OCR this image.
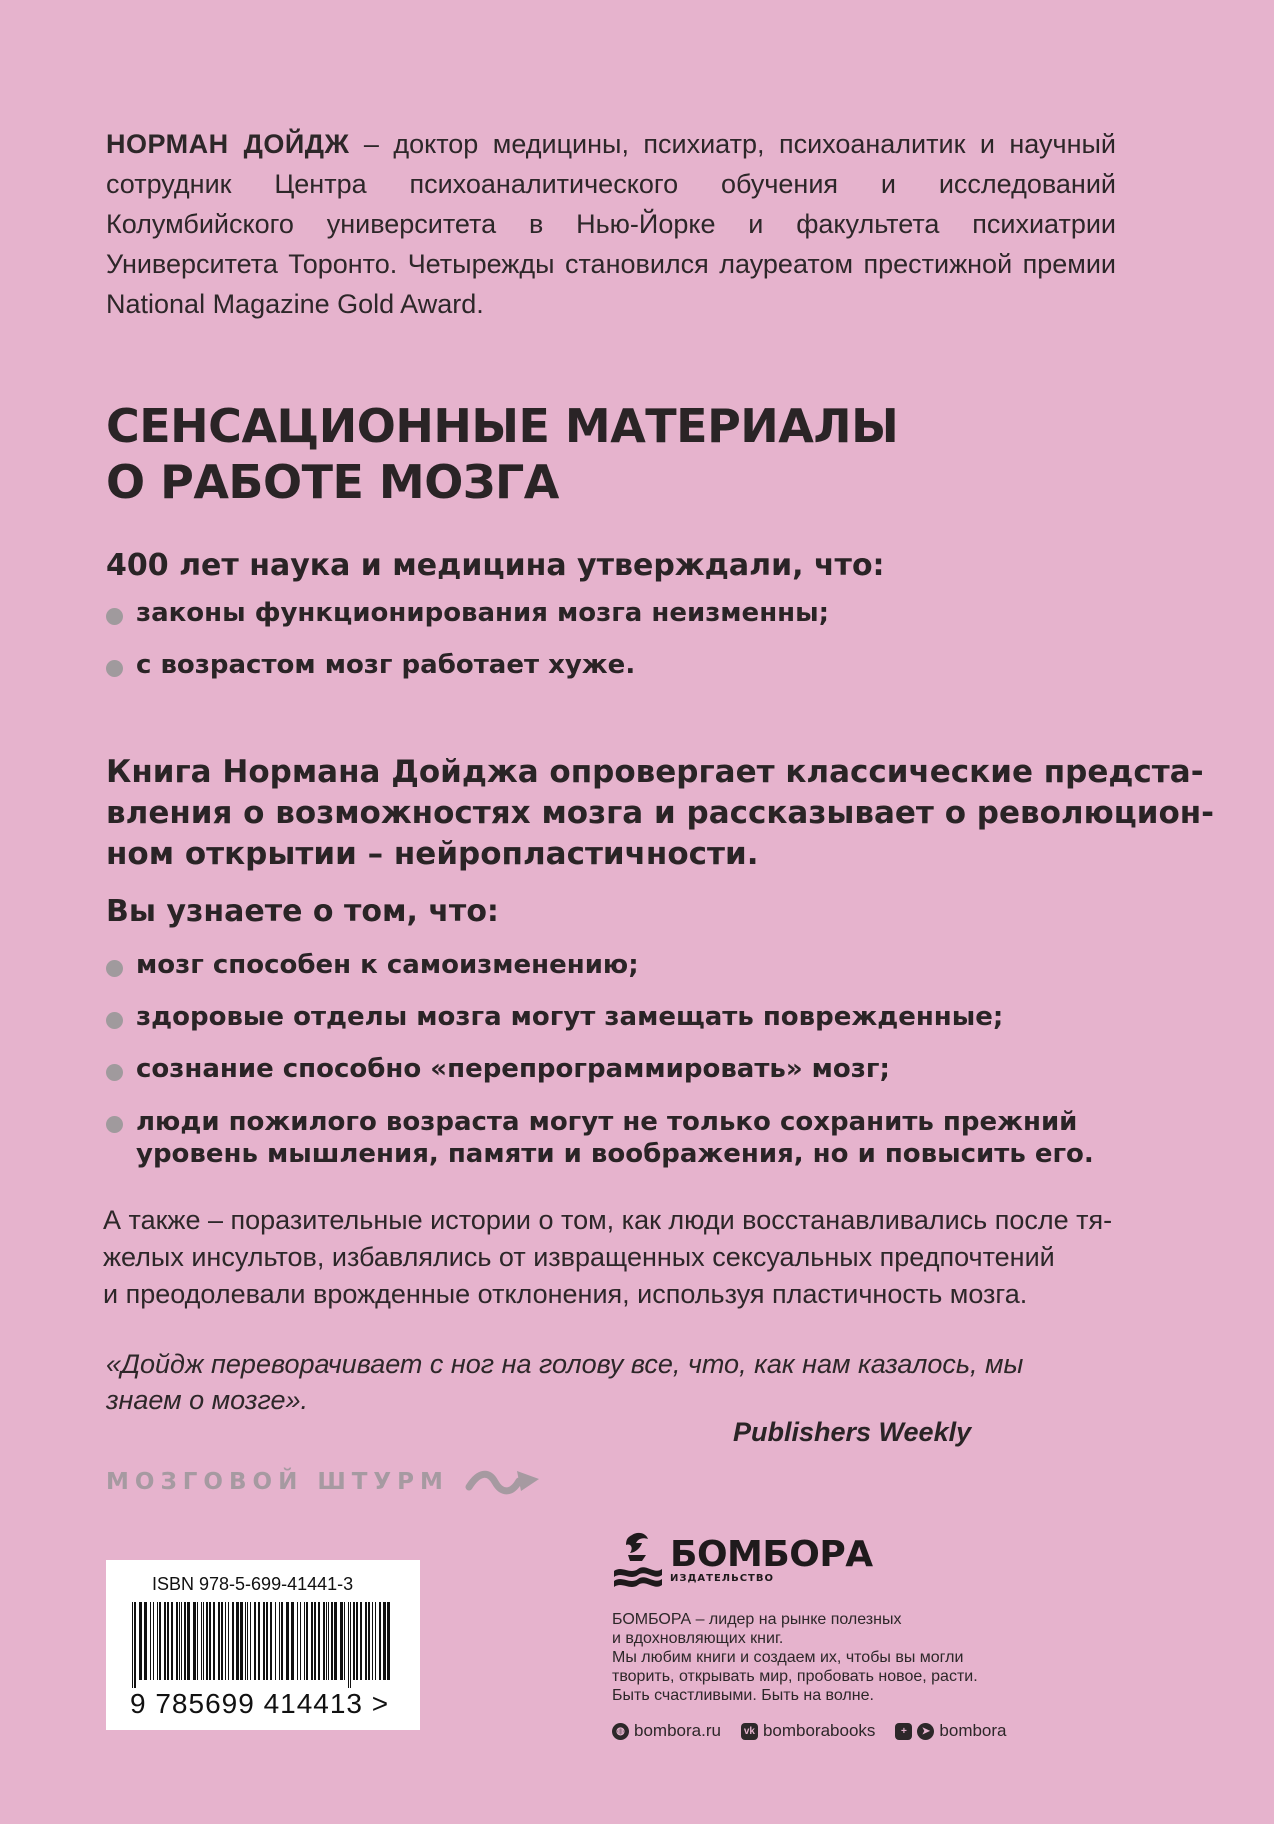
НОРМАН ДОЙДЖ – доктор медицины, психиатр, психоаналитик и научный сотрудник Центра психоаналитического обучения и исследований Колумбийского университета в Нью-Йорке и факультета психиатрии Университета Торонто. Четырежды становился лауреатом престижной премии National Magazine Gold Award.
СЕНСАЦИОННЫЕ МАТЕРИАЛЫ
О РАБОТЕ МОЗГА
400 лет наука и медицина утверждали, что:
законы функционирования мозга неизменны;
с возрастом мозг работает хуже.
Книга Нормана Дойджа опровергает классические предста-
вления о возможностях мозга и рассказывает о революцион-
ном открытии – нейропластичности.
Вы узнаете о том, что:
мозг способен к самоизменению;
здоровые отделы мозга могут замещать поврежденные;
сознание способно «перепрограммировать» мозг;
люди пожилого возраста могут не только сохранить прежний
уровень мышления, памяти и воображения, но и повысить его.
А также – поразительные истории о том, как люди восстанавливались после тя-
желых инсультов, избавлялись от извращенных сексуальных предпочтений
и преодолевали врожденные отклонения, используя пластичность мозга.
«Дойдж переворачивает с ног на голову все, что, как нам казалось, мы
знаем о мозге».
Publishers Weekly
МОЗГОВОЙ ШТУРМ
ISBN 978-5-699-41441-3
9 785699 414413 >
БОМБОРА
ИЗДАТЕЛЬСТВО
БОМБОРА – лидер на рынке полезных
и вдохновляющих книг.
Мы любим книги и создаем их, чтобы вы могли
творить, открывать мир, пробовать новое, расти.
Быть счастливыми. Быть на волне.
◍ bombora.ru vk bomborabooks	+	➤ bombora
